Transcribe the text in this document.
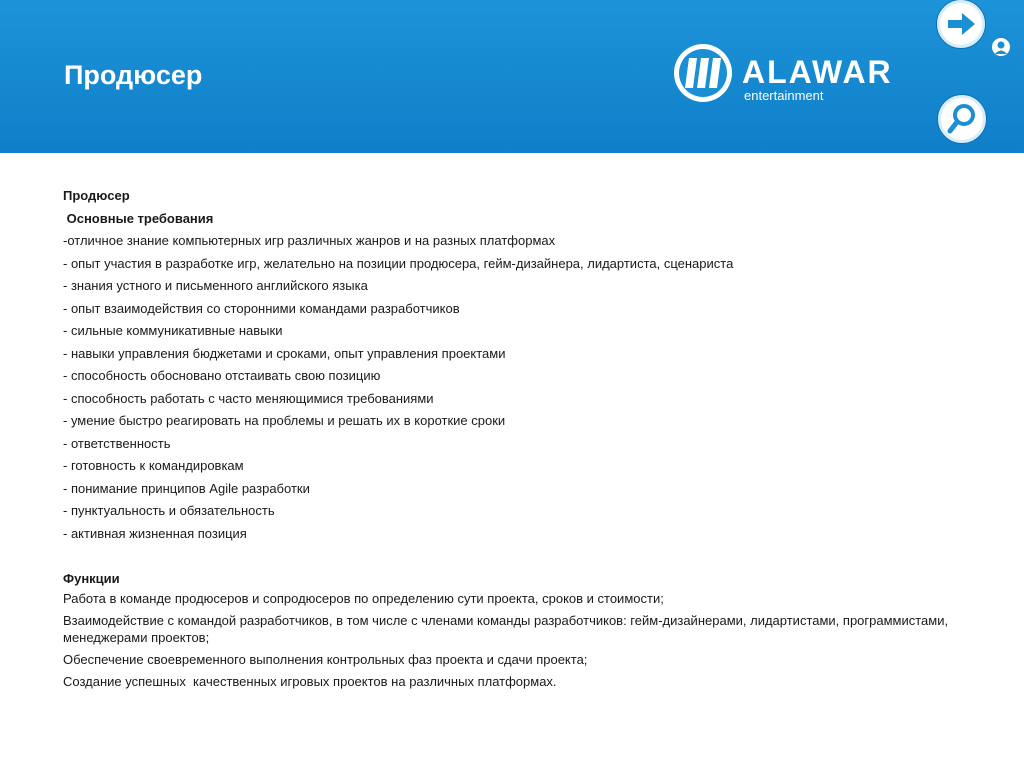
Продюсер	ALAWAR
entertainment
Продюсер
Основные требования
-отличное знание компьютерных игр различных жанров и на разных платформах
- опыт участия в разработке игр, желательно на позиции продюсера, гейм-дизайнера, лидартиста, сценариста
- знания устного и письменного английского языка
- опыт взаимодействия со сторонними командами разработчиков
- сильные коммуникативные навыки
- навыки управления бюджетами и сроками, опыт управления проектами
- способность обосновано отстаивать свою позицию
- способность работать с часто меняющимися требованиями
- умение быстро реагировать на проблемы и решать их в короткие сроки
- ответственность
- готовность к командировкам
- понимание принципов Agile разработки
- пунктуальность и обязательность
- активная жизненная позиция
Функции
Работа в команде продюсеров и сопродюсеров по определению сути проекта, сроков и стоимости;
Взаимодействие с командой разработчиков, в том числе с членами команды разработчиков: гейм-дизайнерами, лидартистами, программистами, менеджерами проектов;
Обеспечение своевременного выполнения контрольных фаз проекта и сдачи проекта;
Создание успешных  качественных игровых проектов на различных платформах.
